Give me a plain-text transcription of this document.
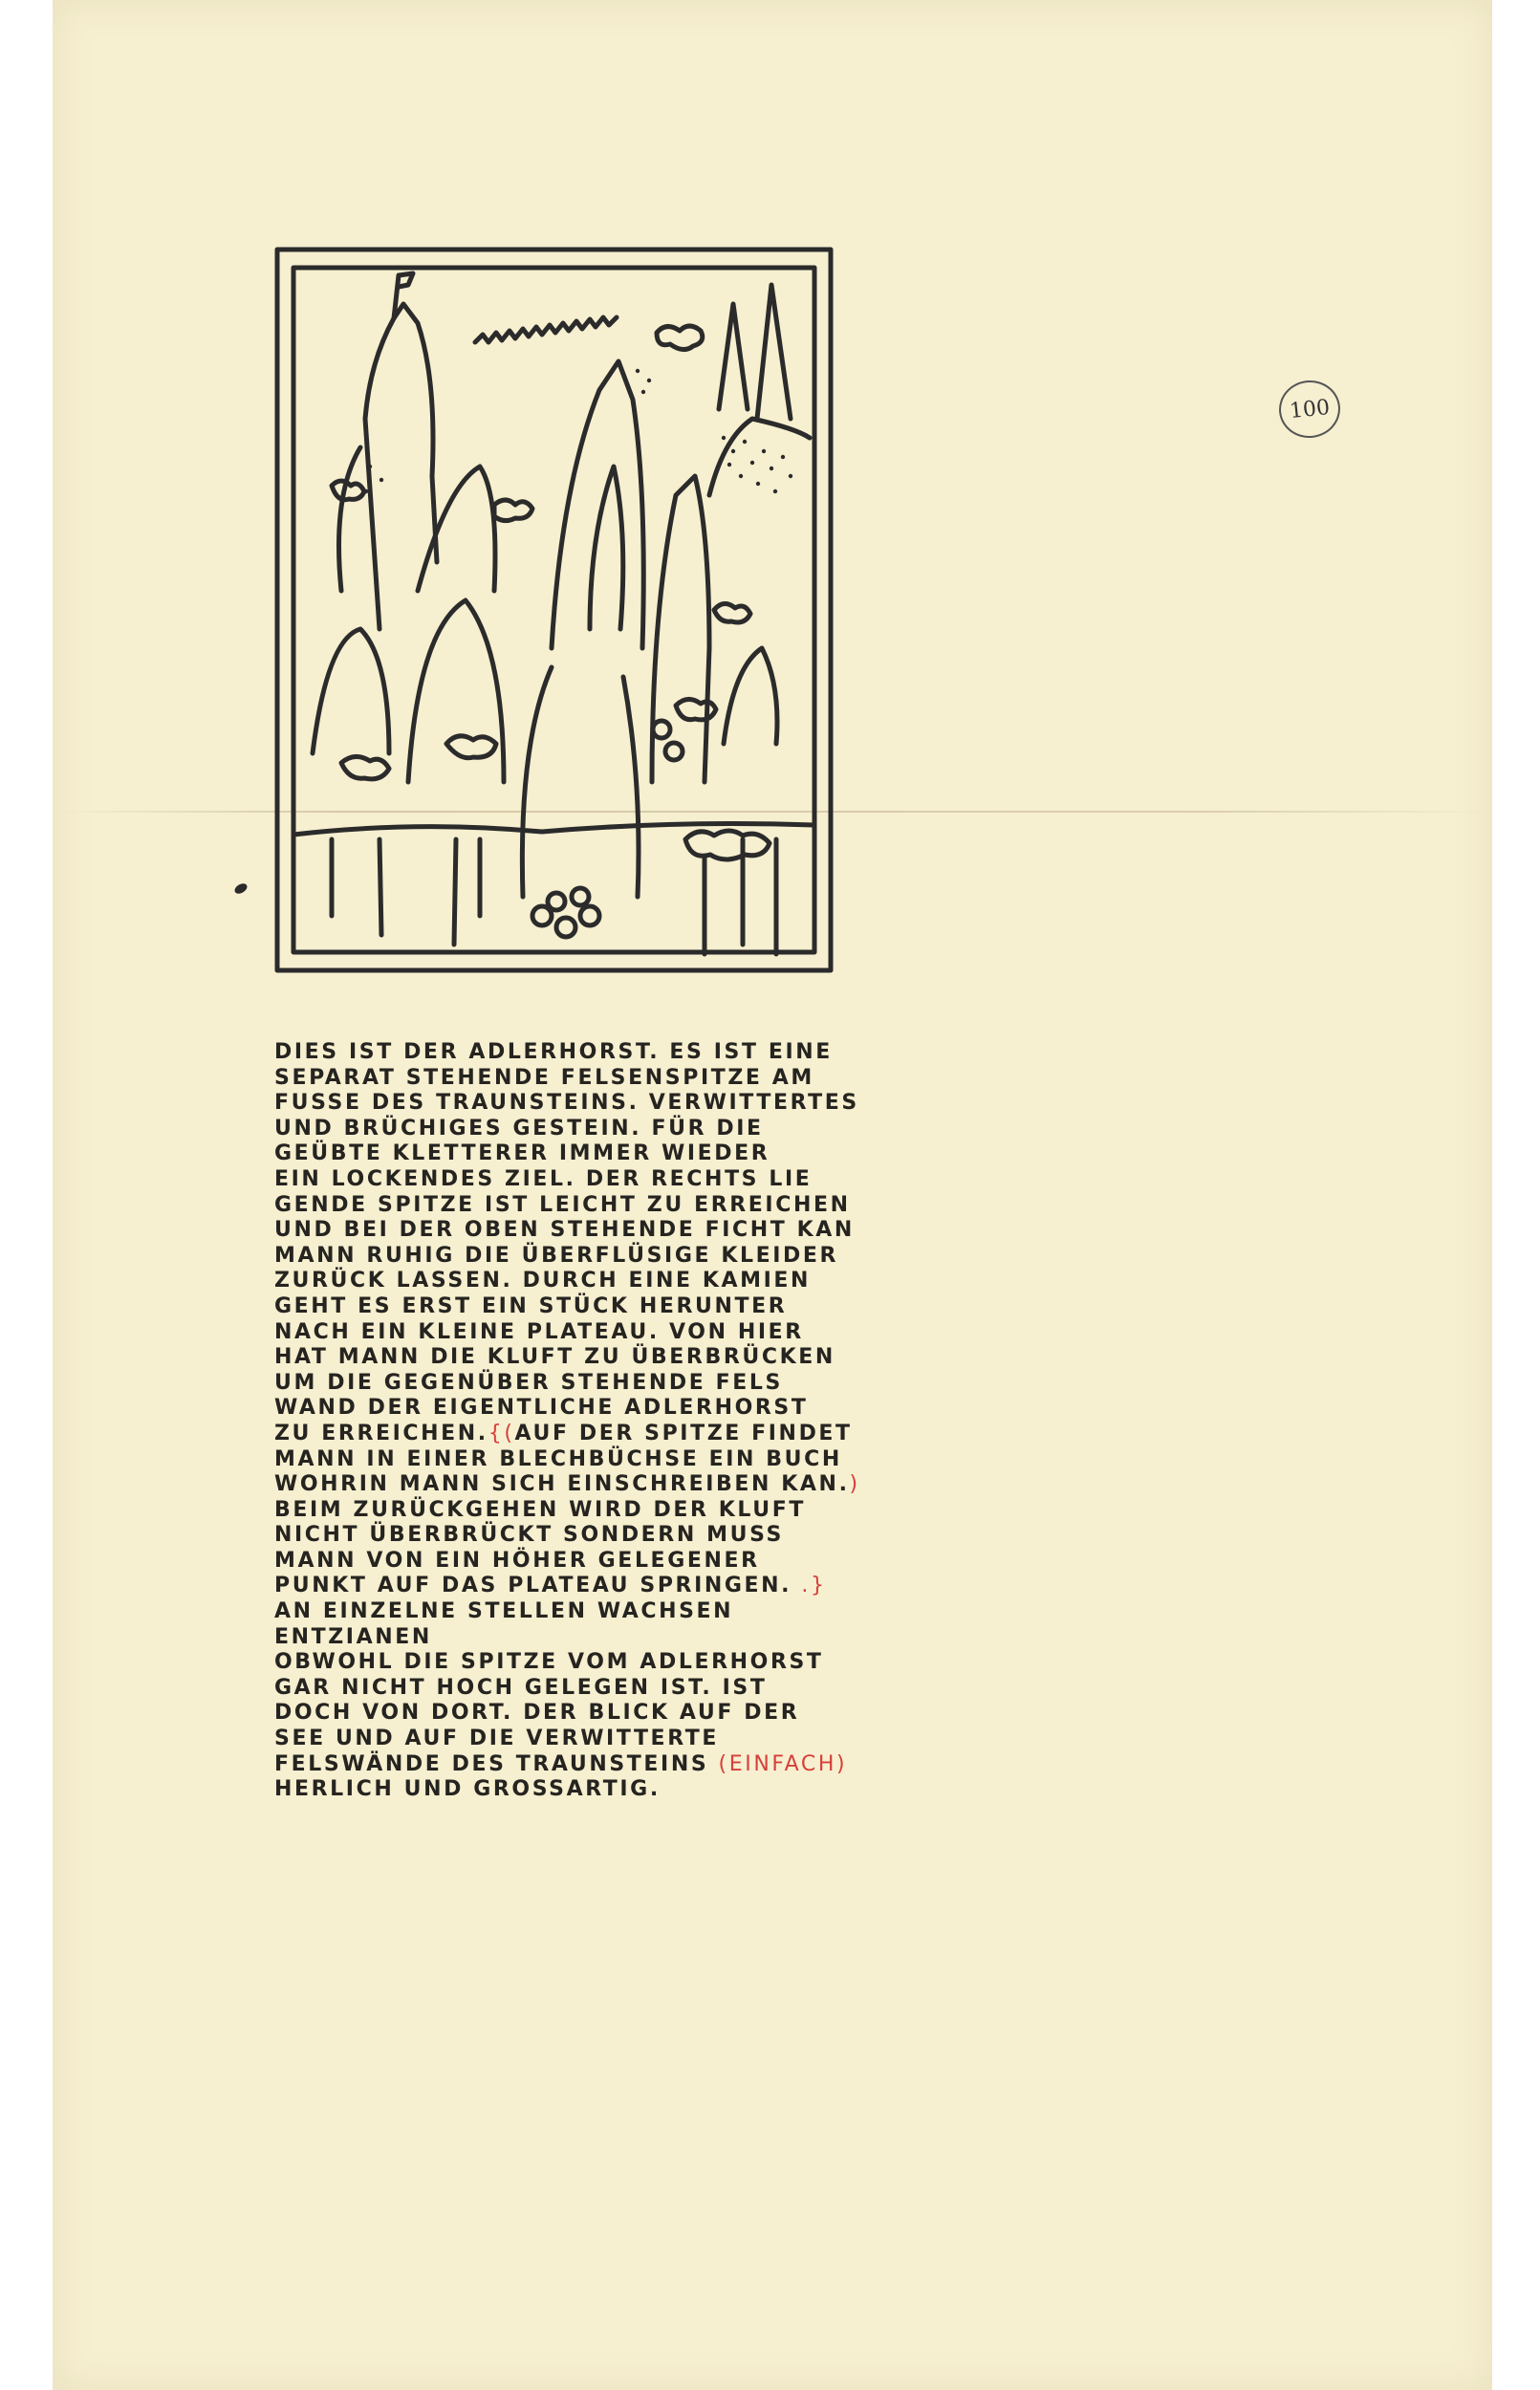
100
DIES IST DER ADLERHORST. ES IST EINE
SEPARAT STEHENDE FELSENSPITZE AM
FUSSE DES TRAUNSTEINS. VERWITTERTES
UND BRÜCHIGES GESTEIN. FÜR DIE
GEÜBTE KLETTERER IMMER WIEDER
EIN LOCKENDES ZIEL. DER RECHTS LIE
GENDE SPITZE IST LEICHT ZU ERREICHEN
UND BEI DER OBEN STEHENDE FICHT KAN
MANN RUHIG DIE ÜBERFLÜSIGE KLEIDER
ZURÜCK LASSEN. DURCH EINE KAMIEN
GEHT ES ERST EIN STÜCK HERUNTER
NACH EIN KLEINE PLATEAU. VON HIER
HAT MANN DIE KLUFT ZU ÜBERBRÜCKEN
UM DIE GEGENÜBER STEHENDE FELS
WAND DER EIGENTLICHE ADLERHORST
ZU ERREICHEN.{(AUF DER SPITZE FINDET
MANN IN EINER BLECHBÜCHSE EIN BUCH
WOHRIN MANN SICH EINSCHREIBEN KAN.)
BEIM ZURÜCKGEHEN WIRD DER KLUFT
NICHT ÜBERBRÜCKT SONDERN MUSS
MANN VON EIN HÖHER GELEGENER
PUNKT AUF DAS PLATEAU SPRINGEN. .}
AN EINZELNE STELLEN WACHSEN
ENTZIANEN
OBWOHL DIE SPITZE VOM ADLERHORST
GAR NICHT HOCH GELEGEN IST. IST
DOCH VON DORT. DER BLICK AUF DER
SEE UND AUF DIE VERWITTERTE
FELSWÄNDE DES TRAUNSTEINS (EINFACH)
HERLICH UND GROSSARTIG.
